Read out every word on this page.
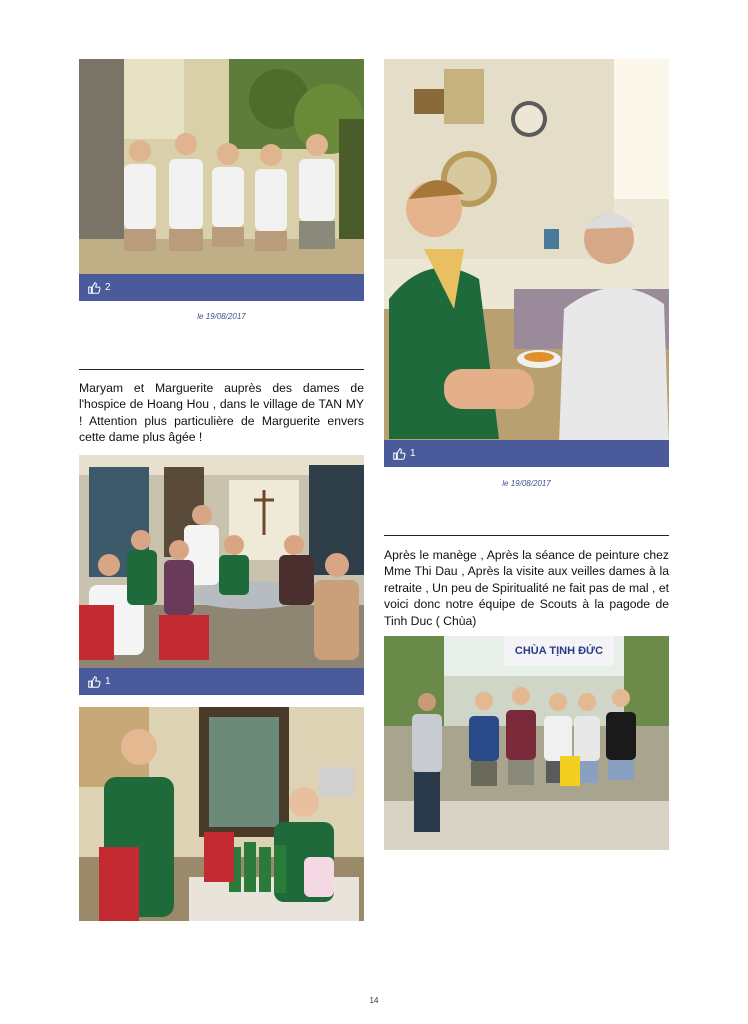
2
le 19/08/2017
Maryam et Marguerite auprès des dames de l'hospice de Hoang Hou , dans le village de TAN MY ! Attention plus particulière de Marguerite envers cette dame plus âgée !
1
1
le 19/08/2017
Après le manège , Après la séance de peinture chez Mme Thi Dau , Après la visite aux veilles dames à la retraite , Un peu de Spiritualité ne fait pas de mal , et voici donc notre équipe de Scouts à la pagode de Tinh Duc ( Chùa)
CHÙA TỊNH ĐỨC
14
